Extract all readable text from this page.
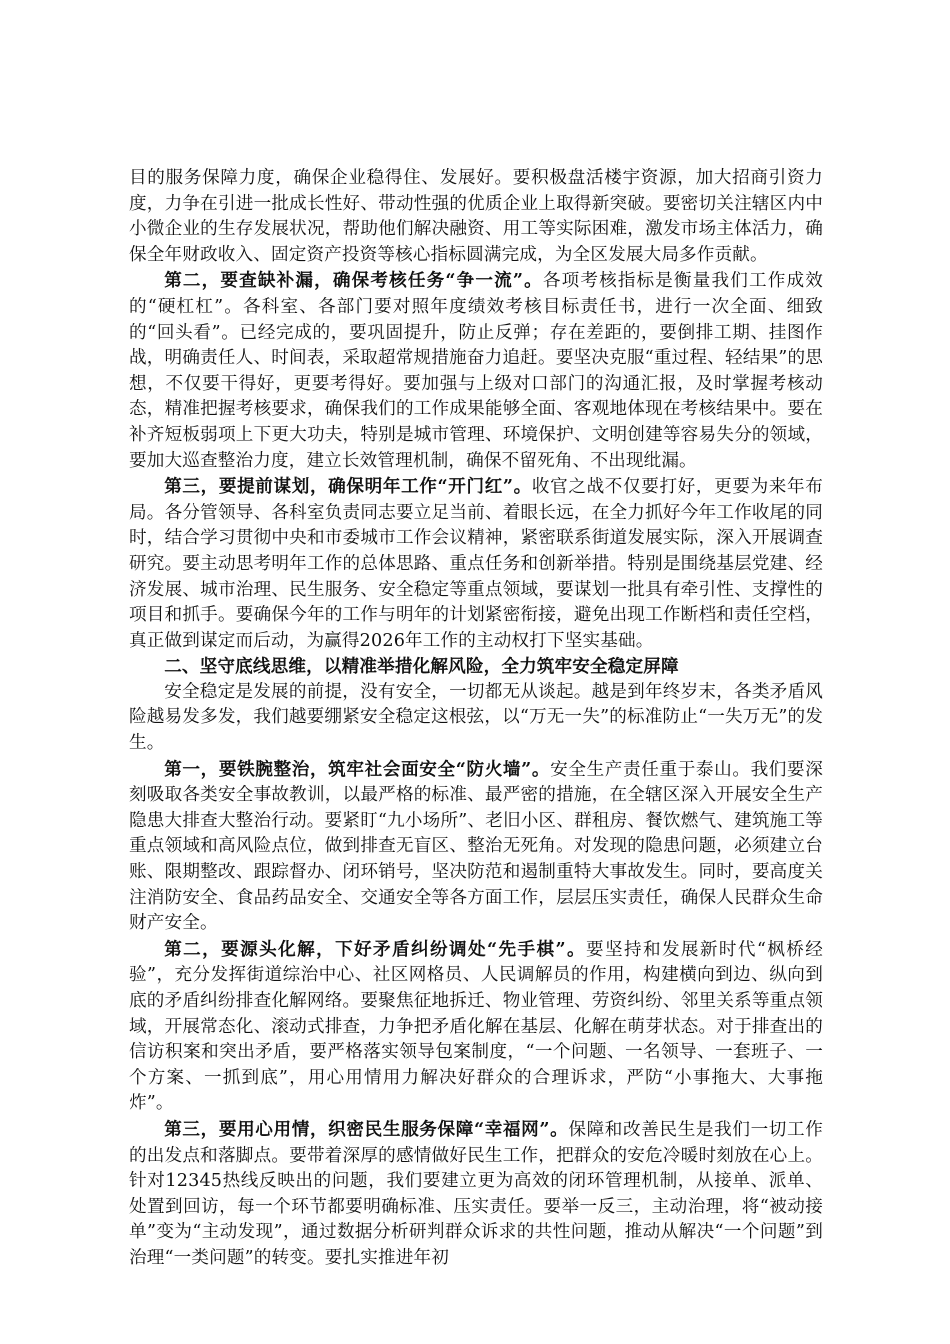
目的服务保障力度，确保企业稳得住、发展好。要积极盘活楼宇资源，加大招商引资力度，力争在引进一批成长性好、带动性强的优质企业上取得新突破。要密切关注辖区内中小微企业的生存发展状况，帮助他们解决融资、用工等实际困难，激发市场主体活力，确保全年财政收入、固定资产投资等核心指标圆满完成，为全区发展大局多作贡献。

第二，要查缺补漏，确保考核任务“争一流”。各项考核指标是衡量我们工作成效的“硬杠杠”。各科室、各部门要对照年度绩效考核目标责任书，进行一次全面、细致的“回头看”。已经完成的，要巩固提升，防止反弹；存在差距的，要倒排工期、挂图作战，明确责任人、时间表，采取超常规措施奋力追赶。要坚决克服“重过程、轻结果”的思想，不仅要干得好，更要考得好。要加强与上级对口部门的沟通汇报，及时掌握考核动态，精准把握考核要求，确保我们的工作成果能够全面、客观地体现在考核结果中。要在补齐短板弱项上下更大功夫，特别是城市管理、环境保护、文明创建等容易失分的领域，要加大巡查整治力度，建立长效管理机制，确保不留死角、不出现纰漏。

第三，要提前谋划，确保明年工作“开门红”。收官之战不仅要打好，更要为来年布局。各分管领导、各科室负责同志要立足当前、着眼长远，在全力抓好今年工作收尾的同时，结合学习贯彻中央和市委城市工作会议精神，紧密联系街道发展实际，深入开展调查研究。要主动思考明年工作的总体思路、重点任务和创新举措。特别是围绕基层党建、经济发展、城市治理、民生服务、安全稳定等重点领域，要谋划一批具有牵引性、支撑性的项目和抓手。要确保今年的工作与明年的计划紧密衔接，避免出现工作断档和责任空档，真正做到谋定而后动，为赢得2026年工作的主动权打下坚实基础。

二、坚守底线思维，以精准举措化解风险，全力筑牢安全稳定屏障

安全稳定是发展的前提，没有安全，一切都无从谈起。越是到年终岁末，各类矛盾风险越易发多发，我们越要绷紧安全稳定这根弦，以“万无一失”的标准防止“一失万无”的发生。

第一，要铁腕整治，筑牢社会面安全“防火墙”。安全生产责任重于泰山。我们要深刻吸取各类安全事故教训，以最严格的标准、最严密的措施，在全辖区深入开展安全生产隐患大排查大整治行动。要紧盯“九小场所”、老旧小区、群租房、餐饮燃气、建筑施工等重点领域和高风险点位，做到排查无盲区、整治无死角。对发现的隐患问题，必须建立台账、限期整改、跟踪督办、闭环销号，坚决防范和遏制重特大事故发生。同时，要高度关注消防安全、食品药品安全、交通安全等各方面工作，层层压实责任，确保人民群众生命财产安全。

第二，要源头化解，下好矛盾纠纷调处“先手棋”。要坚持和发展新时代“枫桥经验”，充分发挥街道综治中心、社区网格员、人民调解员的作用，构建横向到边、纵向到底的矛盾纠纷排查化解网络。要聚焦征地拆迁、物业管理、劳资纠纷、邻里关系等重点领域，开展常态化、滚动式排查，力争把矛盾化解在基层、化解在萌芽状态。对于排查出的信访积案和突出矛盾，要严格落实领导包案制度，“一个问题、一名领导、一套班子、一个方案、一抓到底”，用心用情用力解决好群众的合理诉求，严防“小事拖大、大事拖炸”。

第三，要用心用情，织密民生服务保障“幸福网”。保障和改善民生是我们一切工作的出发点和落脚点。要带着深厚的感情做好民生工作，把群众的安危冷暖时刻放在心上。针对12345热线反映出的问题，我们要建立更为高效的闭环管理机制，从接单、派单、处置到回访，每一个环节都要明确标准、压实责任。要举一反三，主动治理，将“被动接单”变为“主动发现”，通过数据分析研判群众诉求的共性问题，推动从解决“一个问题”到治理“一类问题”的转变。要扎实推进年初
